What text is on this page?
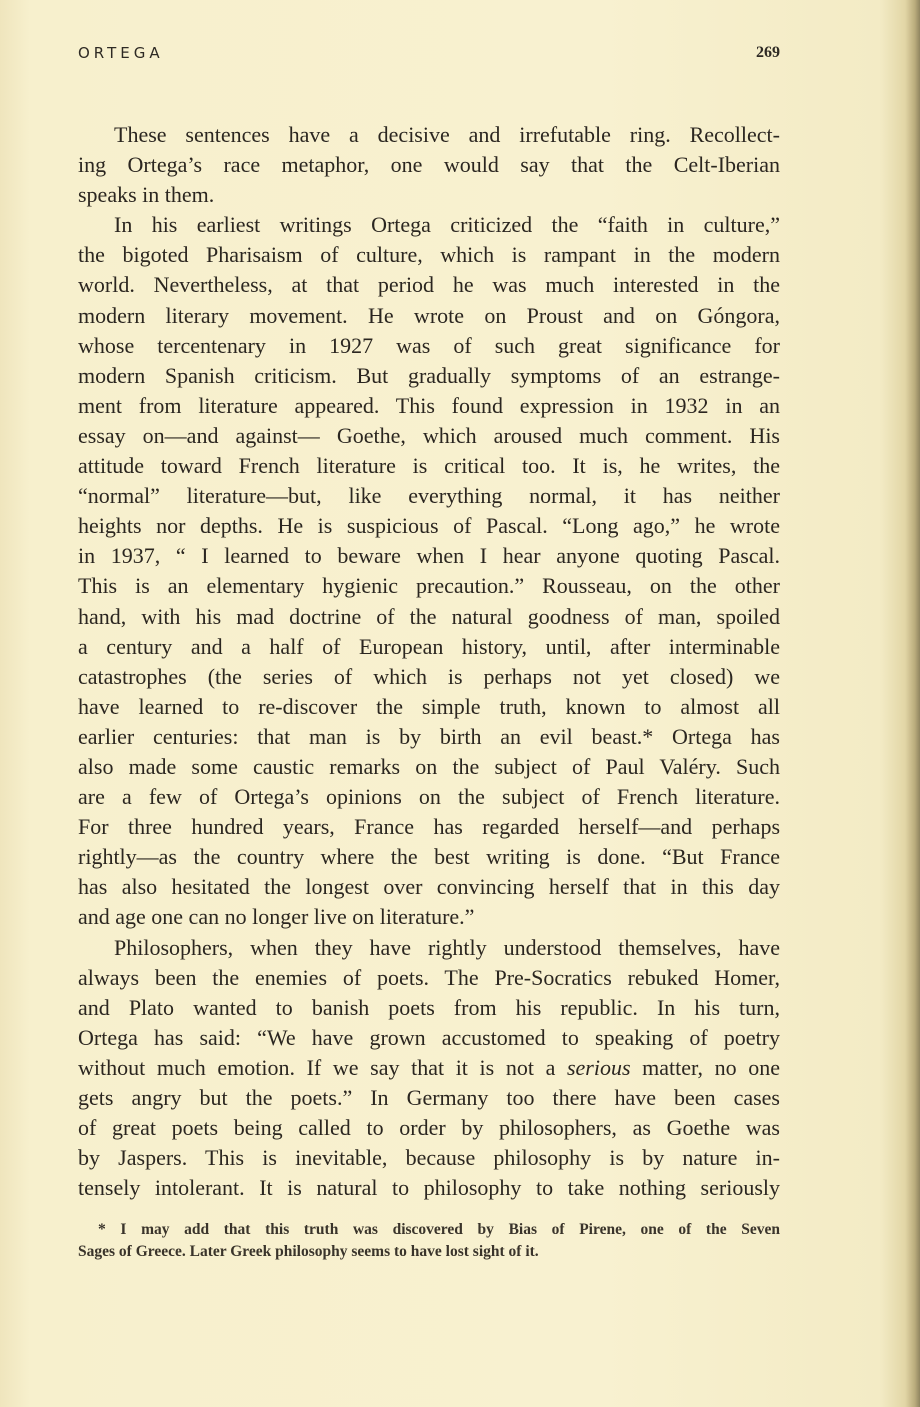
ORTEGA	269
These sentences have a decisive and irrefutable ring. Recollect-
ing Ortega’s race metaphor, one would say that the Celt-Iberian
speaks in them.
In his earliest writings Ortega criticized the “faith in culture,”
the bigoted Pharisaism of culture, which is rampant in the modern
world. Nevertheless, at that period he was much interested in the
modern literary movement. He wrote on Proust and on Góngora,
whose tercentenary in 1927 was of such great significance for
modern Spanish criticism. But gradually symptoms of an estrange-
ment from literature appeared. This found expression in 1932 in an
essay on—and against— Goethe, which aroused much comment. His
attitude toward French literature is critical too. It is, he writes, the
“normal” literature—but, like everything normal, it has neither
heights nor depths. He is suspicious of Pascal. “Long ago,” he wrote
in 1937, “ I learned to beware when I hear anyone quoting Pascal.
This is an elementary hygienic precaution.” Rousseau, on the other
hand, with his mad doctrine of the natural goodness of man, spoiled
a century and a half of European history, until, after interminable
catastrophes (the series of which is perhaps not yet closed) we
have learned to re-discover the simple truth, known to almost all
earlier centuries: that man is by birth an evil beast.* Ortega has
also made some caustic remarks on the subject of Paul Valéry. Such
are a few of Ortega’s opinions on the subject of French literature.
For three hundred years, France has regarded herself—and perhaps
rightly—as the country where the best writing is done. “But France
has also hesitated the longest over convincing herself that in this day
and age one can no longer live on literature.”
Philosophers, when they have rightly understood themselves, have
always been the enemies of poets. The Pre-Socratics rebuked Homer,
and Plato wanted to banish poets from his republic. In his turn,
Ortega has said: “We have grown accustomed to speaking of poetry
without much emotion. If we say that it is not a serious matter, no one
gets angry but the poets.” In Germany too there have been cases
of great poets being called to order by philosophers, as Goethe was
by Jaspers. This is inevitable, because philosophy is by nature in-
tensely intolerant. It is natural to philosophy to take nothing seriously
* I may add that this truth was discovered by Bias of Pirene, one of the Seven
Sages of Greece. Later Greek philosophy seems to have lost sight of it.
